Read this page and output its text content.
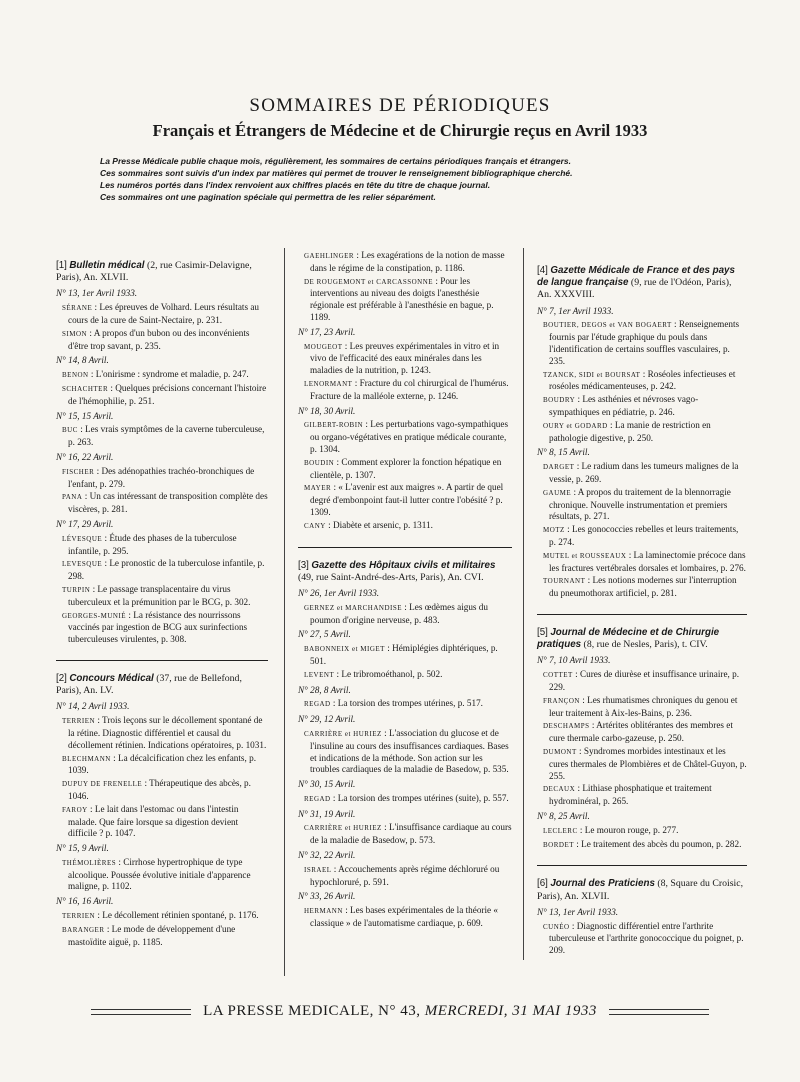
SOMMAIRES DE PÉRIODIQUES
Français et Étrangers de Médecine et de Chirurgie reçus en Avril 1933
La Presse Médicale publie chaque mois, régulièrement, les sommaires de certains périodiques français et étrangers.
Ces sommaires sont suivis d'un index par matières qui permet de trouver le renseignement bibliographique cherché.
Les numéros portés dans l'index renvoient aux chiffres placés en tête du titre de chaque journal.
Ces sommaires ont une pagination spéciale qui permettra de les relier séparément.
[1] Bulletin médical (2, rue Casimir-Delavigne, Paris), An. XLVII.
N° 13, 1er Avril 1933.
SÉRANE : Les épreuves de Volhard. Leurs résultats au cours de la cure de Saint-Nectaire, p. 231.
SIMON : A propos d'un bubon ou des inconvénients d'être trop savant, p. 235.
N° 14, 8 Avril.
BENON : L'onirisme : syndrome et maladie, p. 247.
SCHACHTER : Quelques précisions concernant l'histoire de l'hémophilie, p. 251.
N° 15, 15 Avril.
BUC : Les vrais symptômes de la caverne tuberculeuse, p. 263.
N° 16, 22 Avril.
FISCHER : Des adénopathies trachéo-bronchiques de l'enfant, p. 279.
PANA : Un cas intéressant de transposition complète des viscères, p. 281.
N° 17, 29 Avril.
LÉVESQUE : Étude des phases de la tuberculose infantile, p. 295.
LEVESQUE : Le pronostic de la tuberculose infantile, p. 298.
TURPIN : Le passage transplacentaire du virus tuberculeux et la prémunition par le BCG, p. 302.
GEORGES-MUNIÉ : La résistance des nourrissons vaccinés par ingestion de BCG aux surinfections tuberculeuses virulentes, p. 308.
[2] Concours Médical (37, rue de Bellefond, Paris), An. LV.
N° 14, 2 Avril 1933.
TERRIEN : Trois leçons sur le décollement spontané de la rétine. Diagnostic différentiel et causal du décollement rétinien. Indications opératoires, p. 1031.
BLECHMANN : La décalcification chez les enfants, p. 1039.
DUPUY DE FRENELLE : Thérapeutique des abcès, p. 1046.
FAROY : Le lait dans l'estomac ou dans l'intestin malade. Que faire lorsque sa digestion devient difficile ? p. 1047.
N° 15, 9 Avril.
THÉMOLIÈRES : Cirrhose hypertrophique de type alcoolique. Poussée évolutive initiale d'apparence maligne, p. 1102.
N° 16, 16 Avril.
TERRIEN : Le décollement rétinien spontané, p. 1176.
BARANGER : Le mode de développement d'une mastoïdite aiguë, p. 1185.
GAEHLINGER : Les exagérations de la notion de masse dans le régime de la constipation, p. 1186.
DE ROUGEMONT et CARCASSONNE : Pour les interventions au niveau des doigts l'anesthésie régionale est préférable à l'anesthésie en bague, p. 1189.
N° 17, 23 Avril.
MOUGEOT : Les preuves expérimentales in vitro et in vivo de l'efficacité des eaux minérales dans les maladies de la nutrition, p. 1243.
LENORMANT : Fracture du col chirurgical de l'humérus. Fracture de la malléole externe, p. 1246.
N° 18, 30 Avril.
GILBERT-ROBIN : Les perturbations vago-sympathiques ou organo-végétatives en pratique médicale courante, p. 1304.
BOUDIN : Comment explorer la fonction hépatique en clientèle, p. 1307.
MAYER : « L'avenir est aux maigres ». A partir de quel degré d'embonpoint faut-il lutter contre l'obésité ? p. 1309.
CANY : Diabète et arsenic, p. 1311.
[3] Gazette des Hôpitaux civils et militaires (49, rue Saint-André-des-Arts, Paris), An. CVI.
N° 26, 1er Avril 1933.
GERNEZ et MARCHANDISE : Les œdèmes aigus du poumon d'origine nerveuse, p. 483.
N° 27, 5 Avril.
BABONNEIX et MIGET : Hémiplégies diphtériques, p. 501.
LEVENT : Le tribromoéthanol, p. 502.
N° 28, 8 Avril.
REGAD : La torsion des trompes utérines, p. 517.
N° 29, 12 Avril.
CARRIÈRE et HURIEZ : L'association du glucose et de l'insuline au cours des insuffisances cardiaques. Bases et indications de la méthode. Son action sur les troubles cardiaques de la maladie de Basedow, p. 535.
N° 30, 15 Avril.
REGAD : La torsion des trompes utérines (suite), p. 557.
N° 31, 19 Avril.
CARRIÈRE et HURIEZ : L'insuffisance cardiaque au cours de la maladie de Basedow, p. 573.
N° 32, 22 Avril.
ISRAEL : Accouchements après régime déchloruré ou hypochloruré, p. 591.
N° 33, 26 Avril.
HERMANN : Les bases expérimentales de la théorie « classique » de l'automatisme cardiaque, p. 609.
[4] Gazette Médicale de France et des pays de langue française (9, rue de l'Odéon, Paris), An. XXXVIII.
N° 7, 1er Avril 1933.
BOUTIER, DEGOS et VAN BOGAERT : Renseignements fournis par l'étude graphique du pouls dans l'identification de certains souffles vasculaires, p. 235.
TZANCK, SIDI et BOURSAT : Roséoles infectieuses et roséoles médicamenteuses, p. 242.
BOUDRY : Les asthénies et névroses vago-sympathiques en pédiatrie, p. 246.
OURY et GODARD : La manie de restriction en pathologie digestive, p. 250.
N° 8, 15 Avril.
DARGET : Le radium dans les tumeurs malignes de la vessie, p. 269.
GAUME : A propos du traitement de la blennorragie chronique. Nouvelle instrumentation et premiers résultats, p. 271.
MOTZ : Les gonococcies rebelles et leurs traitements, p. 274.
MUTEL et ROUSSEAUX : La laminectomie précoce dans les fractures vertébrales dorsales et lombaires, p. 276.
TOURNANT : Les notions modernes sur l'interruption du pneumothorax artificiel, p. 281.
[5] Journal de Médecine et de Chirurgie pratiques (8, rue de Nesles, Paris), t. CIV.
N° 7, 10 Avril 1933.
COTTET : Cures de diurèse et insuffisance urinaire, p. 229.
FRANÇON : Les rhumatismes chroniques du genou et leur traitement à Aix-les-Bains, p. 236.
DESCHAMPS : Artérites oblitérantes des membres et cure thermale carbo-gazeuse, p. 250.
DUMONT : Syndromes morbides intestinaux et les cures thermales de Plombières et de Châtel-Guyon, p. 255.
DECAUX : Lithiase phosphatique et traitement hydrominéral, p. 265.
N° 8, 25 Avril.
LECLERC : Le mouron rouge, p. 277.
BORDET : Le traitement des abcès du poumon, p. 282.
[6] Journal des Praticiens (8, Square du Croisic, Paris), An. XLVII.
N° 13, 1er Avril 1933.
CUNÉO : Diagnostic différentiel entre l'arthrite tuberculeuse et l'arthrite gonococcique du poignet, p. 209.
LA PRESSE MEDICALE, N° 43, MERCREDI, 31 MAI 1933
